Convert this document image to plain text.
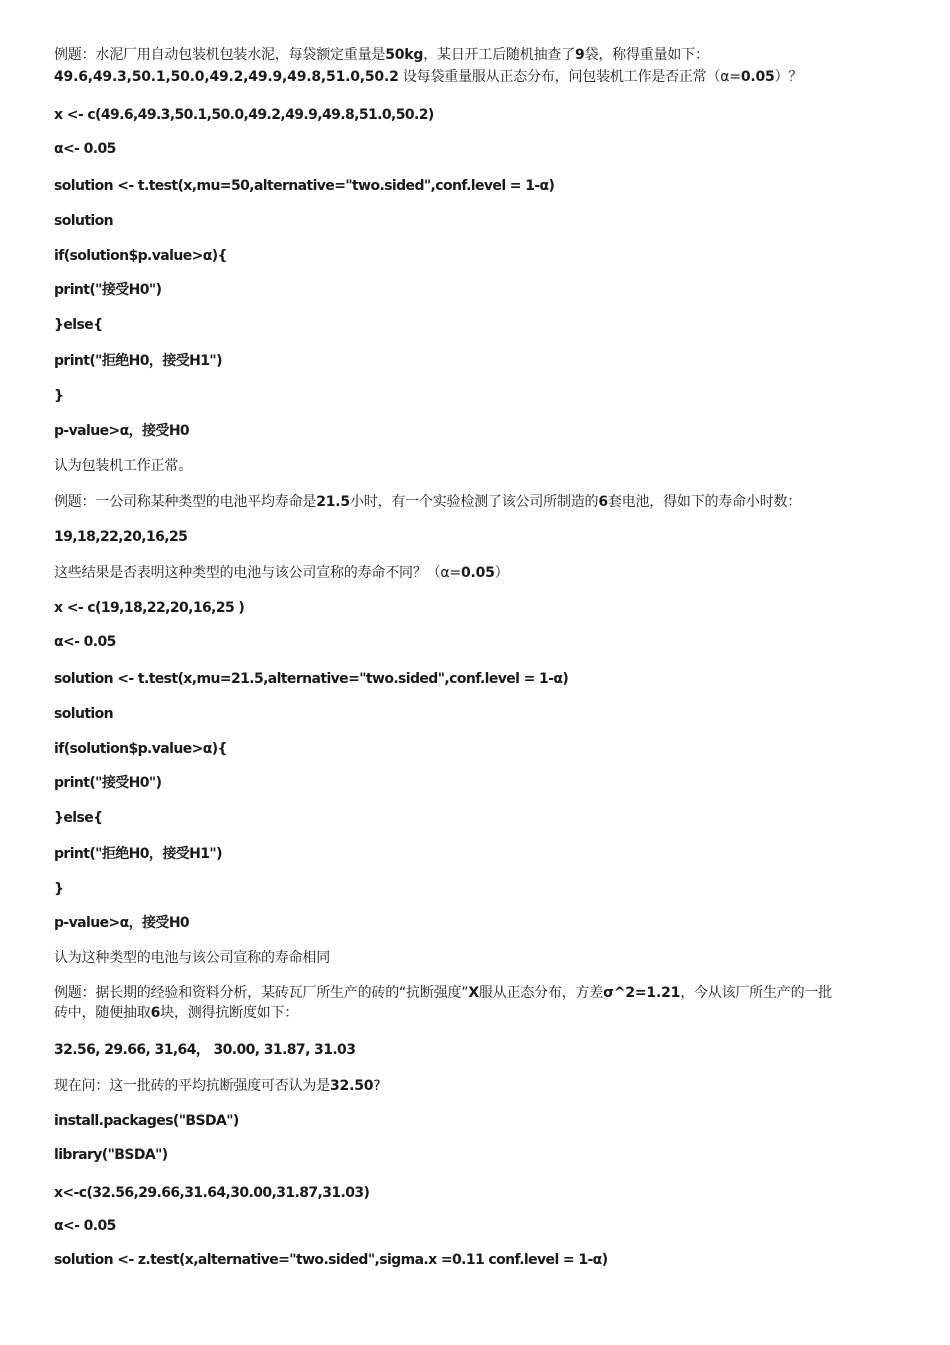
例题：水泥厂用自动包装机包装水泥，每袋额定重量是50kg，某日开工后随机抽查了9袋，称得重量如下：
49.6,49.3,50.1,50.0,49.2,49.9,49.8,51.0,50.2 设每袋重量服从正态分布，问包装机工作是否正常（α=0.05）？
x <- c(49.6,49.3,50.1,50.0,49.2,49.9,49.8,51.0,50.2)
α<- 0.05
solution <- t.test(x,mu=50,alternative="two.sided",conf.level = 1-α)
solution
if(solution$p.value>α){
print("接受H0")
}else{
print("拒绝H0，接受H1")
}
p-value>α，接受H0
认为包装机工作正常。
例题：一公司称某种类型的电池平均寿命是21.5小时，有一个实验检测了该公司所制造的6套电池，得如下的寿命小时数：
19,18,22,20,16,25
这些结果是否表明这种类型的电池与该公司宣称的寿命不同？（α=0.05）
x <- c(19,18,22,20,16,25 )
α<- 0.05
solution <- t.test(x,mu=21.5,alternative="two.sided",conf.level = 1-α)
solution
if(solution$p.value>α){
print("接受H0")
}else{
print("拒绝H0，接受H1")
}
p-value>α，接受H0
认为这种类型的电池与该公司宣称的寿命相同
例题：据长期的经验和资料分析，某砖瓦厂所生产的砖的“抗断强度”X服从正态分布，方差σ^2=1.21，今从该厂所生产的一批
砖中，随便抽取6块，测得抗断度如下：
32.56, 29.66, 31,64， 30.00, 31.87, 31.03
现在问：这一批砖的平均抗断强度可否认为是32.50?
install.packages("BSDA")
library("BSDA")
x<-c(32.56,29.66,31.64,30.00,31.87,31.03)
α<- 0.05
solution <- z.test(x,alternative="two.sided",sigma.x =0.11 conf.level = 1-α)
